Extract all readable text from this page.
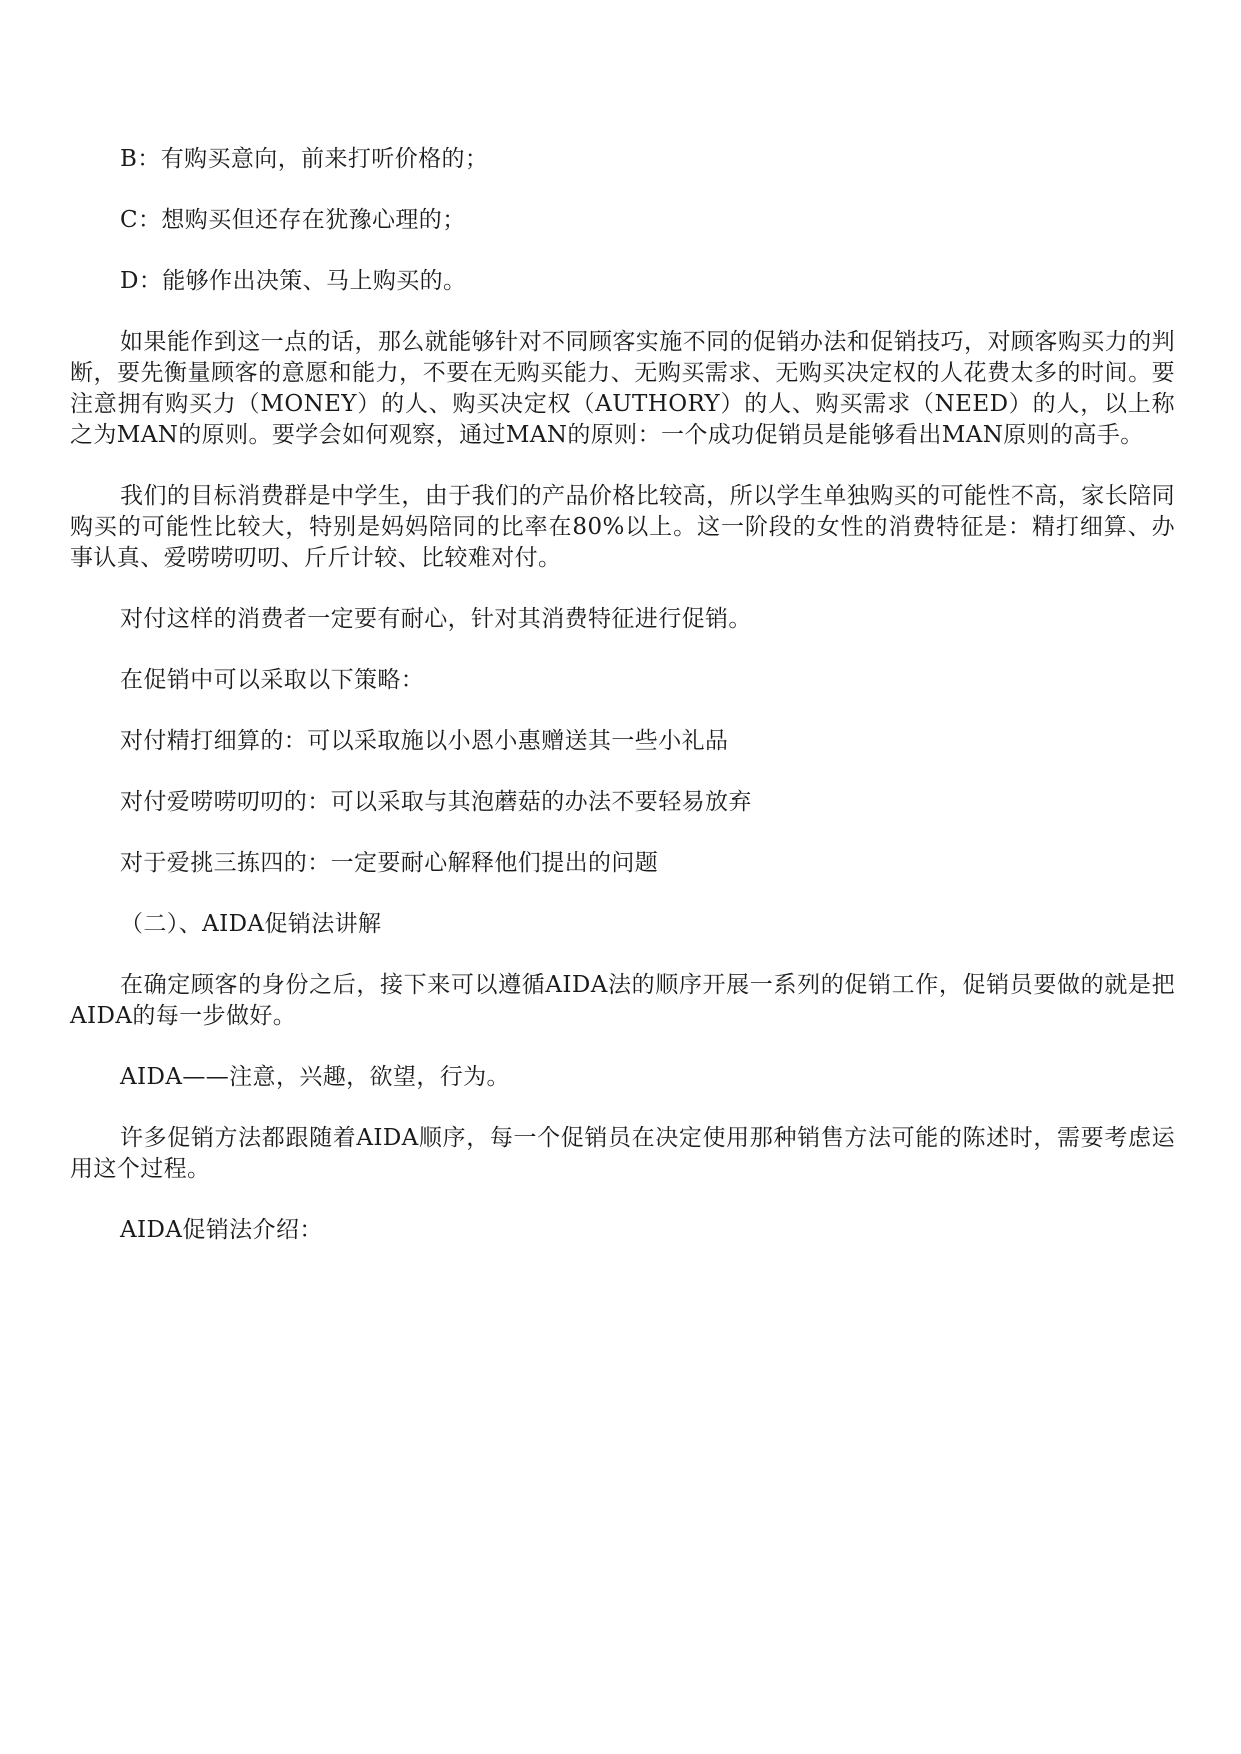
B：有购买意向，前来打听价格的；

C：想购买但还存在犹豫心理的；

D：能够作出决策、马上购买的。

如果能作到这一点的话，那么就能够针对不同顾客实施不同的促销办法和促销技巧，对顾客购买力的判断，要先衡量顾客的意愿和能力，不要在无购买能力、无购买需求、无购买决定权的人花费太多的时间。要注意拥有购买力（MONEY）的人、购买决定权（AUTHORY）的人、购买需求（NEED）的人，以上称之为MAN的原则。要学会如何观察，通过MAN的原则：一个成功促销员是能够看出MAN原则的高手。

我们的目标消费群是中学生，由于我们的产品价格比较高，所以学生单独购买的可能性不高，家长陪同购买的可能性比较大，特别是妈妈陪同的比率在80%以上。这一阶段的女性的消费特征是：精打细算、办事认真、爱唠唠叨叨、斤斤计较、比较难对付。

对付这样的消费者一定要有耐心，针对其消费特征进行促销。

在促销中可以采取以下策略：

对付精打细算的：可以采取施以小恩小惠赠送其一些小礼品

对付爱唠唠叨叨的：可以采取与其泡蘑菇的办法不要轻易放弃

对于爱挑三拣四的：一定要耐心解释他们提出的问题

（二）、AIDA促销法讲解

在确定顾客的身份之后，接下来可以遵循AIDA法的顺序开展一系列的促销工作，促销员要做的就是把AIDA的每一步做好。

AIDA——注意，兴趣，欲望，行为。

许多促销方法都跟随着AIDA顺序，每一个促销员在决定使用那种销售方法可能的陈述时，需要考虑运用这个过程。

AIDA促销法介绍：
